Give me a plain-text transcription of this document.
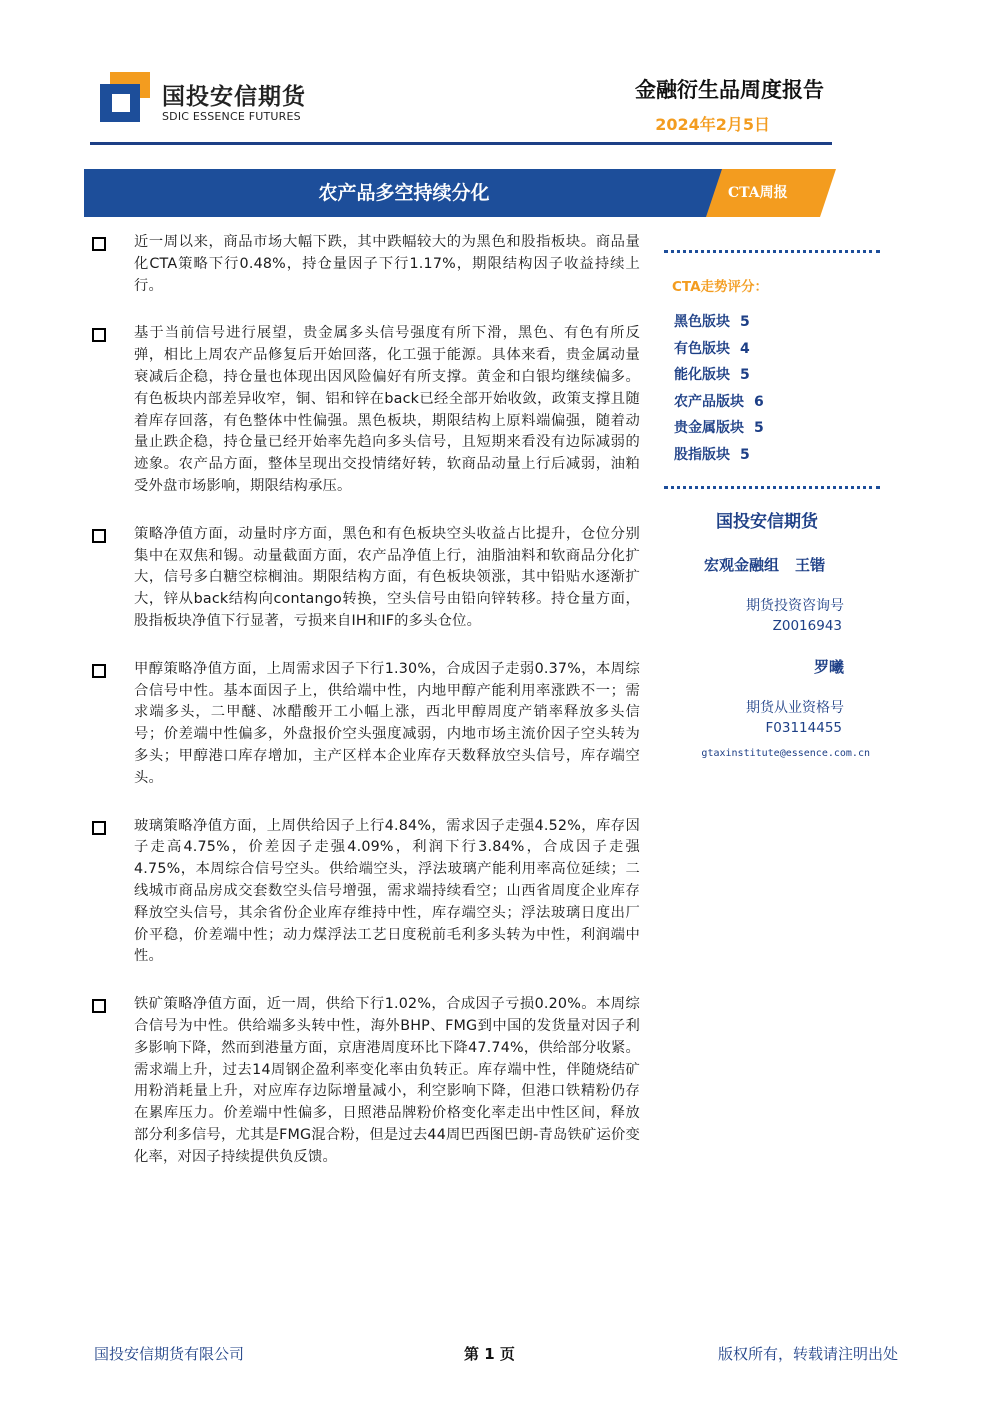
国投安信期货
SDIC ESSENCE FUTURES
金融衍生品周度报告
2024年2月5日
农产品多空持续分化	CTA周报
近一周以来，商品市场大幅下跌，其中跌幅较大的为黑色和股指板块。商品量化CTA策略下行0.48%，持仓量因子下行1.17%，期限结构因子收益持续上行。
基于当前信号进行展望，贵金属多头信号强度有所下滑，黑色、有色有所反弹，相比上周农产品修复后开始回落，化工强于能源。具体来看，贵金属动量衰减后企稳，持仓量也体现出因风险偏好有所支撑。黄金和白银均继续偏多。有色板块内部差异收窄，铜、铝和锌在back已经全部开始收敛，政策支撑且随着库存回落，有色整体中性偏强。黑色板块，期限结构上原料端偏强，随着动量止跌企稳，持仓量已经开始率先趋向多头信号，且短期来看没有边际减弱的迹象。农产品方面，整体呈现出交投情绪好转，软商品动量上行后减弱，油粕受外盘市场影响，期限结构承压。
策略净值方面，动量时序方面，黑色和有色板块空头收益占比提升，仓位分别集中在双焦和锡。动量截面方面，农产品净值上行，油脂油料和软商品分化扩大，信号多白糖空棕榈油。期限结构方面，有色板块领涨，其中铅贴水逐渐扩大，锌从back结构向contango转换，空头信号由铅向锌转移。持仓量方面，股指板块净值下行显著，亏损来自IH和IF的多头仓位。
甲醇策略净值方面，上周需求因子下行1.30%，合成因子走弱0.37%，本周综合信号中性。基本面因子上，供给端中性，内地甲醇产能利用率涨跌不一；需求端多头，二甲醚、冰醋酸开工小幅上涨，西北甲醇周度产销率释放多头信号；价差端中性偏多，外盘报价空头强度减弱，内地市场主流价因子空头转为多头；甲醇港口库存增加，主产区样本企业库存天数释放空头信号，库存端空头。
玻璃策略净值方面，上周供给因子上行4.84%，需求因子走强4.52%，库存因子走高4.75%，价差因子走强4.09%，利润下行3.84%，合成因子走强4.75%，本周综合信号空头。供给端空头，浮法玻璃产能利用率高位延续；二线城市商品房成交套数空头信号增强，需求端持续看空；山西省周度企业库存释放空头信号，其余省份企业库存维持中性，库存端空头；浮法玻璃日度出厂价平稳，价差端中性；动力煤浮法工艺日度税前毛利多头转为中性，利润端中性。
铁矿策略净值方面，近一周，供给下行1.02%，合成因子亏损0.20%。本周综合信号为中性。供给端多头转中性，海外BHP、FMG到中国的发货量对因子利多影响下降，然而到港量方面，京唐港周度环比下降47.74%，供给部分收紧。需求端上升，过去14周钢企盈利率变化率由负转正。库存端中性，伴随烧结矿用粉消耗量上升，对应库存边际增量减小，利空影响下降，但港口铁精粉仍存在累库压力。价差端中性偏多，日照港品牌粉价格变化率走出中性区间，释放部分利多信号，尤其是FMG混合粉，但是过去44周巴西图巴朗-青岛铁矿运价变化率，对因子持续提供负反馈。
CTA走势评分：
黑色版块 5
有色版块 4
能化版块 5
农产品版块 6
贵金属版块 5
股指版块 5
国投安信期货
宏观金融组 王锴
期货投资咨询号
Z0016943
罗曦
期货从业资格号
F03114455
gtaxinstitute@essence.com.cn
国投安信期货有限公司	第 1 页	版权所有，转载请注明出处
